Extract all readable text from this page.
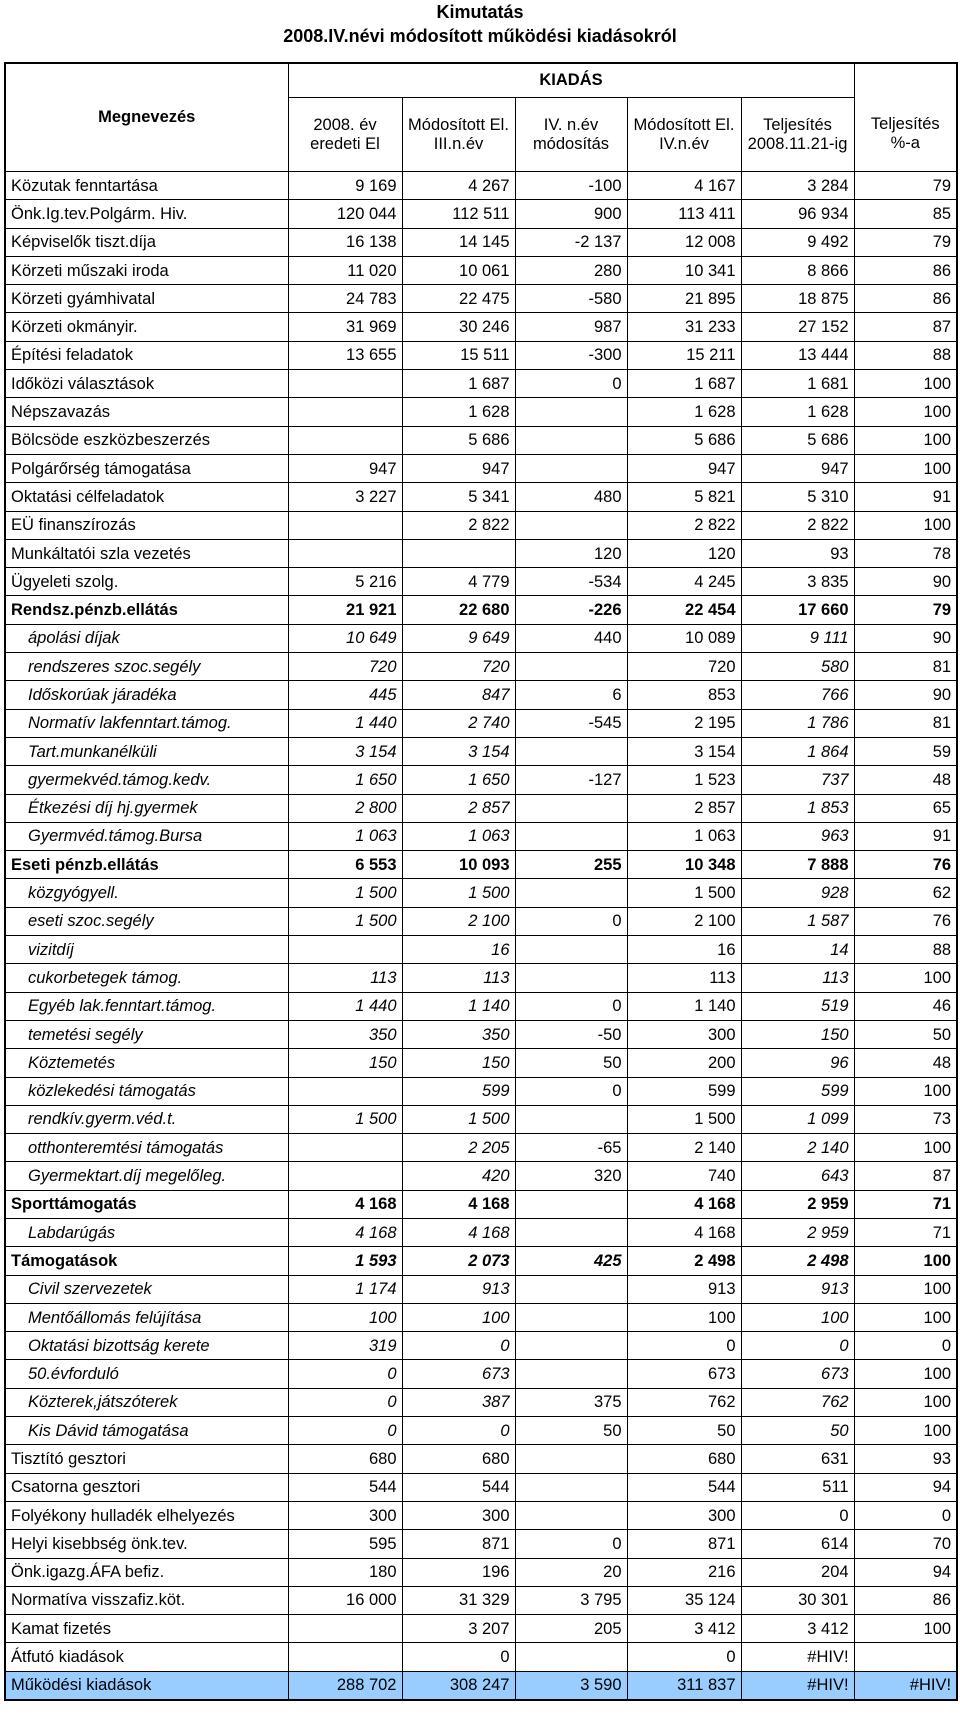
Kimutatás
2008.IV.névi módosított működési kiadásokról
Megnevezés	KIADÁS					
	2008. év eredeti El	Módosított El. III.n.év	IV. n.év módosítás	Módosított El. IV.n.év	Teljesítés 2008.11.21-ig	Teljesítés %-a
Közutak fenntartása	9 169	4 267	-100	4 167	3 284	79
Önk.Ig.tev.Polgárm. Hiv.	120 044	112 511	900	113 411	96 934	85
Képviselők tiszt.díja	16 138	14 145	-2 137	12 008	9 492	79
Körzeti műszaki iroda	11 020	10 061	280	10 341	8 866	86
Körzeti gyámhivatal	24 783	22 475	-580	21 895	18 875	86
Körzeti okmányir.	31 969	30 246	987	31 233	27 152	87
Építési feladatok	13 655	15 511	-300	15 211	13 444	88
Időközi választások		1 687	0	1 687	1 681	100
Népszavazás		1 628		1 628	1 628	100
Bölcsöde eszközbeszerzés		5 686		5 686	5 686	100
Polgárőrség támogatása	947	947		947	947	100
Oktatási célfeladatok	3 227	5 341	480	5 821	5 310	91
EÜ finanszírozás		2 822		2 822	2 822	100
Munkáltatói szla vezetés			120	120	93	78
Ügyeleti szolg.	5 216	4 779	-534	4 245	3 835	90
Rendsz.pénzb.ellátás	21 921	22 680	-226	22 454	17 660	79
ápolási díjak	10 649	9 649	440	10 089	9 111	90
rendszeres szoc.segély	720	720		720	580	81
Időskorúak járadéka	445	847	6	853	766	90
Normatív lakfenntart.támog.	1 440	2 740	-545	2 195	1 786	81
Tart.munkanélküli	3 154	3 154		3 154	1 864	59
gyermekvéd.támog.kedv.	1 650	1 650	-127	1 523	737	48
Étkezési díj hj.gyermek	2 800	2 857		2 857	1 853	65
Gyermvéd.támog.Bursa	1 063	1 063		1 063	963	91
Eseti pénzb.ellátás	6 553	10 093	255	10 348	7 888	76
közgyógyell.	1 500	1 500		1 500	928	62
eseti szoc.segély	1 500	2 100	0	2 100	1 587	76
vizitdíj		16		16	14	88
cukorbetegek támog.	113	113		113	113	100
Egyéb lak.fenntart.támog.	1 440	1 140	0	1 140	519	46
temetési segély	350	350	-50	300	150	50
Köztemetés	150	150	50	200	96	48
közlekedési támogatás		599	0	599	599	100
rendkív.gyerm.véd.t.	1 500	1 500		1 500	1 099	73
otthonteremtési támogatás		2 205	-65	2 140	2 140	100
Gyermektart.díj megelőleg.		420	320	740	643	87
Sporttámogatás	4 168	4 168		4 168	2 959	71
Labdarúgás	4 168	4 168		4 168	2 959	71
Támogatások	1 593	2 073	425	2 498	2 498	100
Civil szervezetek	1 174	913		913	913	100
Mentőállomás felújítása	100	100		100	100	100
Oktatási bizottság kerete	319	0		0	0	0
50.évforduló	0	673		673	673	100
Közterek,játszóterek	0	387	375	762	762	100
Kis Dávid támogatása	0	0	50	50	50	100
Tisztító gesztori	680	680		680	631	93
Csatorna gesztori	544	544		544	511	94
Folyékony hulladék elhelyezés	300	300		300	0	0
Helyi kisebbség önk.tev.	595	871	0	871	614	70
Önk.igazg.ÁFA befiz.	180	196	20	216	204	94
Normatíva visszafiz.köt.	16 000	31 329	3 795	35 124	30 301	86
Kamat fizetés		3 207	205	3 412	3 412	100
Átfutó kiadások		0		0	#HIV!	
Működési kiadások	288 702	308 247	3 590	311 837	#HIV!	#HIV!
